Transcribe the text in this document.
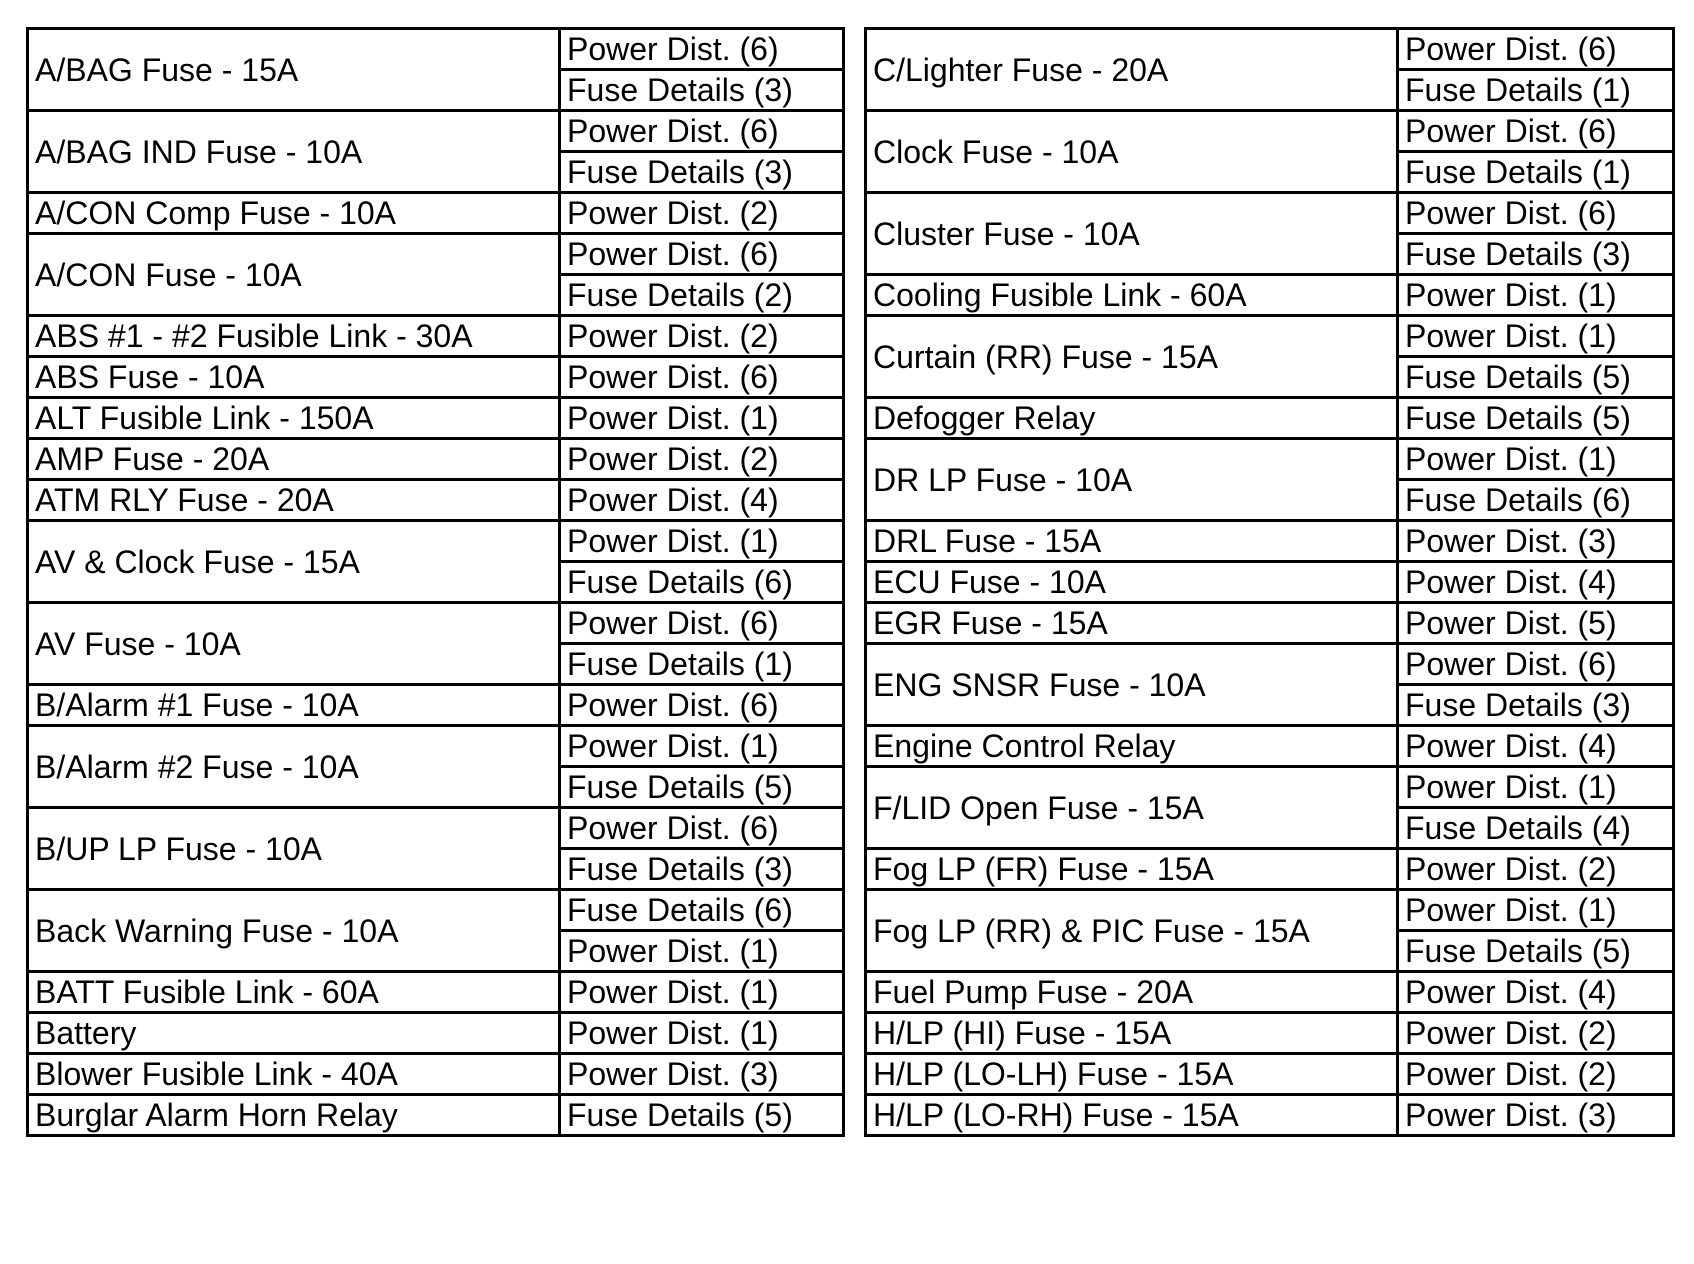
A/BAG Fuse - 15A	Power Dist. (6)
	Fuse Details (3)
A/BAG IND Fuse - 10A	Power Dist. (6)
	Fuse Details (3)
A/CON Comp Fuse - 10A	Power Dist. (2)
A/CON Fuse - 10A	Power Dist. (6)
	Fuse Details (2)
ABS #1 - #2 Fusible Link - 30A	Power Dist. (2)
ABS Fuse - 10A	Power Dist. (6)
ALT Fusible Link - 150A	Power Dist. (1)
AMP Fuse - 20A	Power Dist. (2)
ATM RLY Fuse - 20A	Power Dist. (4)
AV & Clock Fuse - 15A	Power Dist. (1)
	Fuse Details (6)
AV Fuse - 10A	Power Dist. (6)
	Fuse Details (1)
B/Alarm #1 Fuse - 10A	Power Dist. (6)
B/Alarm #2 Fuse - 10A	Power Dist. (1)
	Fuse Details (5)
B/UP LP Fuse - 10A	Power Dist. (6)
	Fuse Details (3)
Back Warning Fuse - 10A	Fuse Details (6)
	Power Dist. (1)
BATT Fusible Link - 60A	Power Dist. (1)
Battery	Power Dist. (1)
Blower Fusible Link - 40A	Power Dist. (3)
Burglar Alarm Horn Relay	Fuse Details (5)
C/Lighter Fuse - 20A	Power Dist. (6)
	Fuse Details (1)
Clock Fuse - 10A	Power Dist. (6)
	Fuse Details (1)
Cluster Fuse - 10A	Power Dist. (6)
	Fuse Details (3)
Cooling Fusible Link - 60A	Power Dist. (1)
Curtain (RR) Fuse - 15A	Power Dist. (1)
	Fuse Details (5)
Defogger Relay	Fuse Details (5)
DR LP Fuse - 10A	Power Dist. (1)
	Fuse Details (6)
DRL Fuse - 15A	Power Dist. (3)
ECU Fuse - 10A	Power Dist. (4)
EGR Fuse - 15A	Power Dist. (5)
ENG SNSR Fuse - 10A	Power Dist. (6)
	Fuse Details (3)
Engine Control Relay	Power Dist. (4)
F/LID Open Fuse - 15A	Power Dist. (1)
	Fuse Details (4)
Fog LP (FR) Fuse - 15A	Power Dist. (2)
Fog LP (RR) & PIC Fuse - 15A	Power Dist. (1)
	Fuse Details (5)
Fuel Pump Fuse - 20A	Power Dist. (4)
H/LP (HI) Fuse - 15A	Power Dist. (2)
H/LP (LO-LH) Fuse - 15A	Power Dist. (2)
H/LP (LO-RH) Fuse - 15A	Power Dist. (3)
